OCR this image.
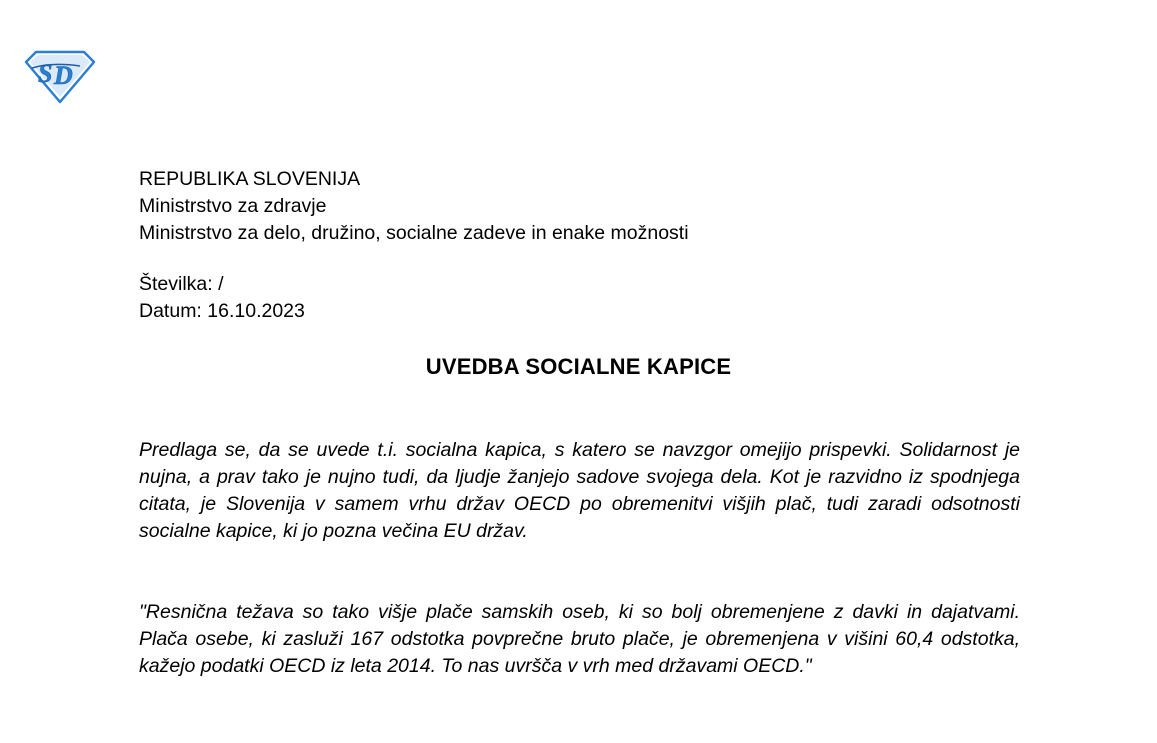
S D
REPUBLIKA SLOVENIJA
Ministrstvo za zdravje
Ministrstvo za delo, družino, socialne zadeve in enake možnosti
Številka: /
Datum: 16.10.2023
UVEDBA SOCIALNE KAPICE
Predlaga se, da se uvede t.i. socialna kapica, s katero se navzgor omejijo prispevki. Solidarnost je nujna, a prav tako je nujno tudi, da ljudje žanjejo sadove svojega dela. Kot je razvidno iz spodnjega citata, je Slovenija v samem vrhu držav OECD po obremenitvi višjih plač, tudi zaradi odsotnosti socialne kapice, ki jo pozna večina EU držav.
"Resnična težava so tako višje plače samskih oseb, ki so bolj obremenjene z davki in dajatvami. Plača osebe, ki zasluži 167 odstotka povprečne bruto plače, je obremenjena v višini 60,4 odstotka, kažejo podatki OECD iz leta 2014. To nas uvršča v vrh med državami OECD."
